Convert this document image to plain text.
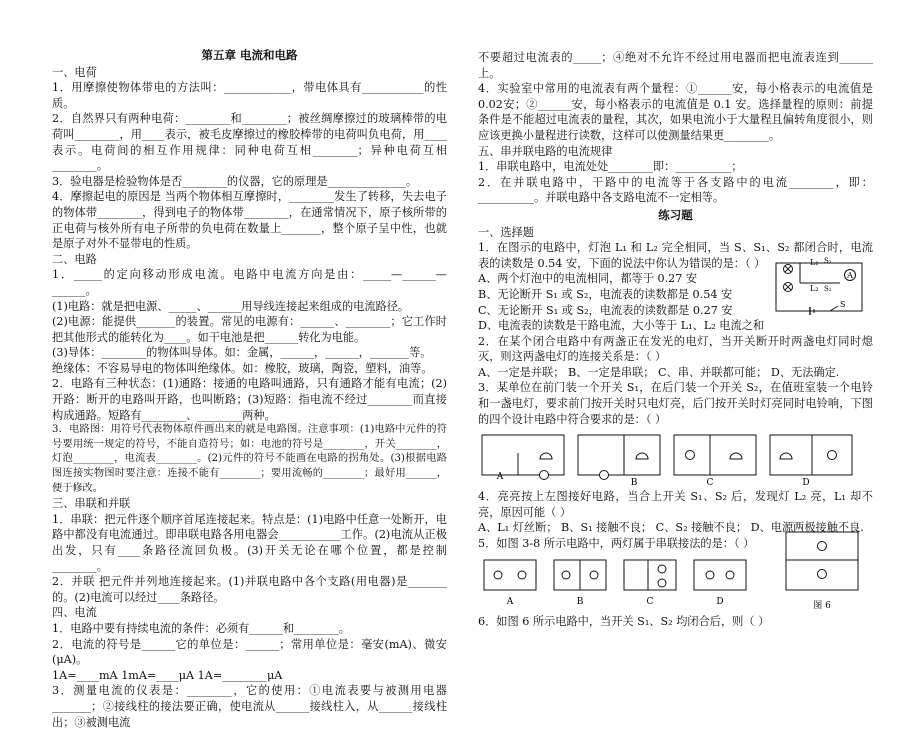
第五章 电流和电路

一、电荷

1．用摩擦使物体带电的方法叫：____________，带电体具有___________的性质。

2．自然界只有两种电荷：________和________；被丝绸摩擦过的玻璃棒带的电荷叫________，用____表示，被毛皮摩擦过的橡胶棒带的电荷叫负电荷，用____表示。电荷间的相互作用规律：同种电荷互相________；异种电荷互相________。

3．验电器是检验物体是否________的仪器，它的原理是______________。

4．摩擦起电的原因是 当两个物体相互摩擦时，________发生了转移，失去电子的物体带________，得到电子的物体带________，在通常情况下，原子核所带的正电荷与核外所有电子所带的负电荷在数量上_______，整个原子呈中性，也就是原子对外不显带电的性质。

二、电路

1．_____的定向移动形成电流。电路中电流方向是由：_____—______—______。

(1)电路：就是把电源、_____、______用导线连接起来组成的电流路径。

(2)电源：能提供_______的装置。常见的电源有：______、________；它工作时把其他形式的能转化为____。如干电池是把______转化为电能。

(3)导体：________的物体叫导体。如：金属，______，______，_______等。

绝缘体：不容易导电的物体叫绝缘体。如：橡胶，玻璃，陶瓷，塑料，油等。

2．电路有三种状态：(1)通路：接通的电路叫通路，只有通路才能有电流；(2)开路：断开的电路叫开路，也叫断路；(3)短路：指电流不经过________而直接构成通路。短路有________、________两种。

3．电路图：用符号代表物体原件画出来的就是电路图。注意事项：(1)电路中元件的符号要用统一规定的符号，不能自造符号；如：电池的符号是________，开关________，灯泡________，电流表________。(2)元件的符号不能画在电路的拐角处。(3)根据电路图连接实物图时要注意：连接不能有________；要用流畅的________；最好用______，便于修改。

三、串联和并联

1．串联：把元件逐个顺序首尾连接起来。特点是：(1)电路中任意一处断开，电路中都没有电流通过。即串联电路各用电器会___________工作。(2)电流从正极出发，只有____条路径流回负极。(3)开关无论在哪个位置，都是控制________。

2．并联 把元件并列地连接起来。(1)并联电路中各个支路(用电器)是_______的。(2)电流可以经过____条路径。

四、电流

1．电路中要有持续电流的条件：必须有______和________。

2．电流的符号是______它的单位是：______；常用单位是：毫安(mA)、微安(μA)。

1A=____mA 1mA=____μA 1A=________μA

3．测量电流的仪表是：________，它的使用：①电流表要与被测用电器_______；②接线柱的接法要正确，使电流从______接线柱入，从______接线柱出；③被测电流

不要超过电流表的_____；④绝对不允许不经过用电器而把电流表连到______上。

4．实验室中常用的电流表有两个量程：①______安，每小格表示的电流值是 0.02安；②______安，每小格表示的电流值是 0.1 安。选择量程的原则：前提条件是不能超过电流表的量程，其次，如果电流小于大量程且偏转角度很小，则应该更换小量程进行读数，这样可以使测量结果更________。

五、串并联电路的电流规律

1．串联电路中，电流处处________即：__________；

2．在并联电路中，干路中的电流等于各支路中的电流________，即：__________。并联电路中各支路电流不一定相等。

练习题

一、选择题

1．在图示的电路中，灯泡 L₁ 和 L₂ 完全相同，当 S、S₁、S₂ 都闭合时，电流表的读数是 0.54 安，下面的说法中你认为错误的是：（ ）

A、两个灯泡中的电流相同，都等于 0.27 安

B、无论断开 S₁ 或 S₂，电流表的读数都是 0.54 安

C、无论断开 S₁ 或 S₂，电流表的读数都是 0.27 安

A
L₁
L₂
S
S₁
S₂

D、电流表的读数是干路电流，大小等于 L₁、L₂ 电流之和

2．在某个闭合电路中有两盏正在发光的电灯，当开关断开时两盏电灯同时熄灭，则这两盏电灯的连接关系是：（ ）

A、一定是并联； B、一定是串联； C、串、并联都可能； D、无法确定.

3．某单位在前门装一个开关 S₁，在后门装一个开关 S₂，在值班室装一个电铃和一盏电灯，要求前门按开关时只电灯亮，后门按开关时灯亮同时电铃响，下图的四个设计电路中符合要求的是：（ ）

A
B	C	D

4．亮亮按上左图接好电路，当合上开关 S₁、S₂ 后，发现灯 L₂ 亮，L₁ 却不亮，原因可能（ ）

A、L₁ 灯丝断； B、S₁ 接触不良； C、S₂ 接触不良； D、电源两极接触不良.

5．如图 3-8 所示电路中，两灯属于串联接法的是：（ ）

A	B	C	D	图 6

6．如图 6 所示电路中，当开关 S₁、S₂ 均闭合后，则（ ）
